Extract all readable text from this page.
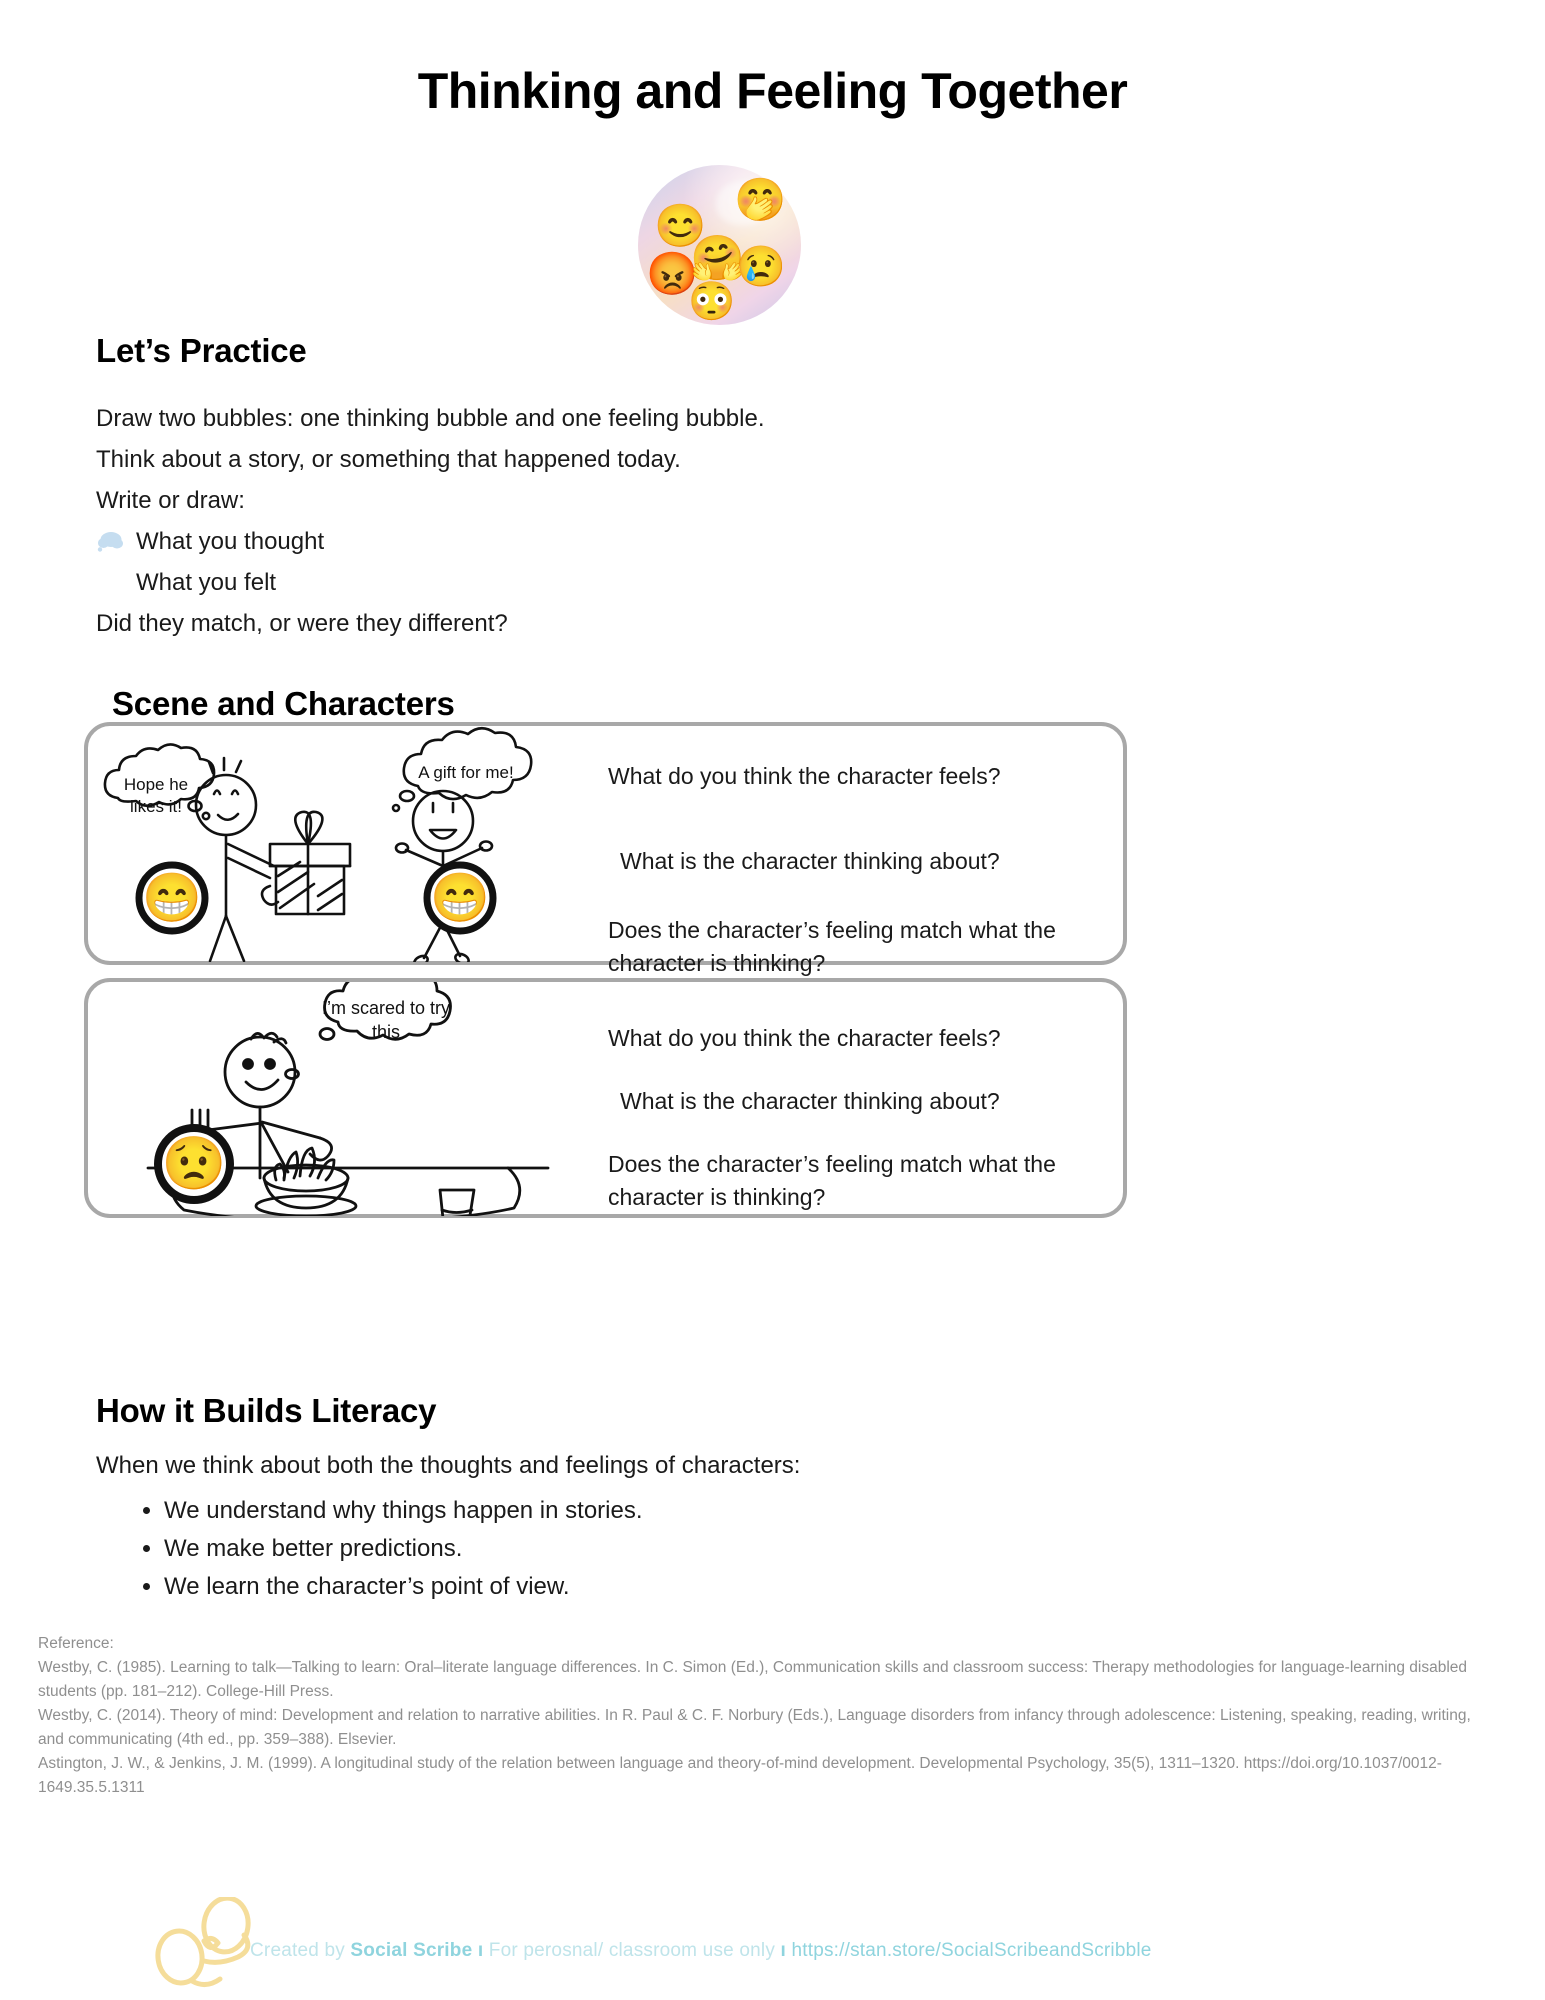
Thinking and Feeling Together
😊
🤭
😡
🤗
😢
😳
Let’s Practice
Draw two bubbles: one thinking bubble and one feeling bubble.
Think about a story, or something that happened today.
Write or draw:
What you thought
What you felt
Did they match, or were they different?
Scene and Characters
😁	😁
Hope he
likes it!
A gift for me!	What do you think the character feels?
What is the character thinking about?
Does the character’s feeling match what the character is thinking?
😟
I’m scared to try
this	What do you think the character feels?
What is the character thinking about?
Does the character’s feeling match what the character is thinking?
How it Builds Literacy
When we think about both the thoughts and feelings of characters:
• We understand why things happen in stories.
• We make better predictions.
• We learn the character’s point of view.
Reference:
Westby, C. (1985). Learning to talk—Talking to learn: Oral–literate language differences. In C. Simon (Ed.), Communication skills and classroom success: Therapy methodologies for language-learning disabled students (pp. 181–212). College-Hill Press.
Westby, C. (2014). Theory of mind: Development and relation to narrative abilities. In R. Paul & C. F. Norbury (Eds.), Language disorders from infancy through adolescence: Listening, speaking, reading, writing, and communicating (4th ed., pp. 359–388). Elsevier.
Astington, J. W., & Jenkins, J. M. (1999). A longitudinal study of the relation between language and theory-of-mind development. Developmental Psychology, 35(5), 1311–1320. https://doi.org/10.1037/0012-1649.35.5.1311
Created by Social Scribe ı For perosnal/ classroom use only ı https://stan.store/SocialScribeandScribble
